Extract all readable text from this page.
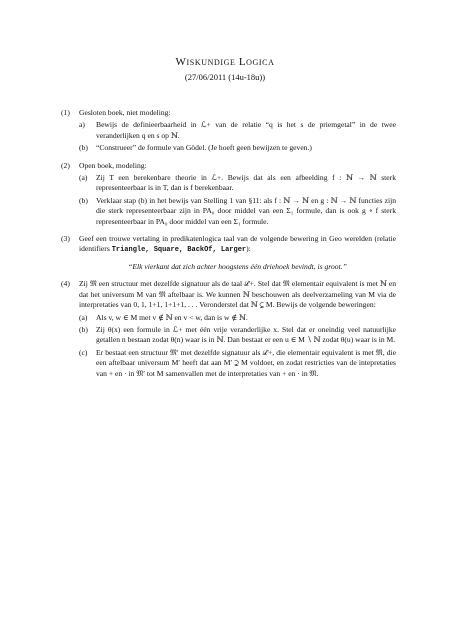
Wiskundige Logica
(27/06/2011 (14u-18u))
(1) Gesloten boek, niet modeling:
a) Bewijs de definieerbaarheid in ℒ+ van de relatie “q is het s de priemgetal” in de twee veranderlijken q en s op ℕ.
(b) “Construeer” de formule van Gödel. (Je hoeft geen bewijzen te geven.)
(2) Open boek, modeling:
(a) Zij T een berekenbare theorie in ℒ+. Bewijs dat als een afbeelding f : ℕ → ℕ sterk representeerbaar is in T, dan is f berekenbaar.
(b) Verklaar stap (b) in het bewijs van Stelling 1 van §11: als f : ℕ → ℕ en g : ℕ → ℕ functies zijn die sterk representeerbaar zijn in PA₀ door middel van een Σ₁ formule, dan is ook g ∘ f sterk representeerbaar in PA₀ door middel van een Σ₁ formule.
(3) Geef een trouwe vertaling in predikatenlogica taal van de volgende bewering in Geo werelden (relatie identifiers Triangle, Square, BackOf, Larger):
“Elk vierkant dat zich achter hoogstens één driehoek bevindt, is groot.”
(4) Zij 𝔐 een structuur met dezelfde signatuur als de taal ℒ+. Stel dat 𝔐 elementair equivalent is met ℕ en dat het universum M van 𝔐 aftelbaar is. We kunnen ℕ beschouwen als deelverzameling van M via de interpretaties van 0, 1, 1+1, 1+1+1, . . . Veronderstel dat ℕ ⊊ M. Bewijs de volgende beweringen:
(a) Als v, w ∈ M met v ∉ ℕ en v < w, dan is w ∉ ℕ.
(b) Zij θ(x) een formule in ℒ+ met één vrije veranderlijke x. Stel dat er oneindig veel natuurlijke getallen n bestaan zodat θ(n) waar is in ℕ. Dan bestaat er een u ∈ M ∖ ℕ zodat θ(u) waar is in M.
(c) Er bestaat een structuur 𝔐′ met dezelfde signatuur als ℒ+, die elementair equivalent is met 𝔐, die een aftelbaar universum M′ heeft dat aan M′ ⊋ M voldoet, en zodat restricties van de intepretaties van + en · in 𝔐′ tot M samenvallen met de interpretaties van + en · in 𝔐.
